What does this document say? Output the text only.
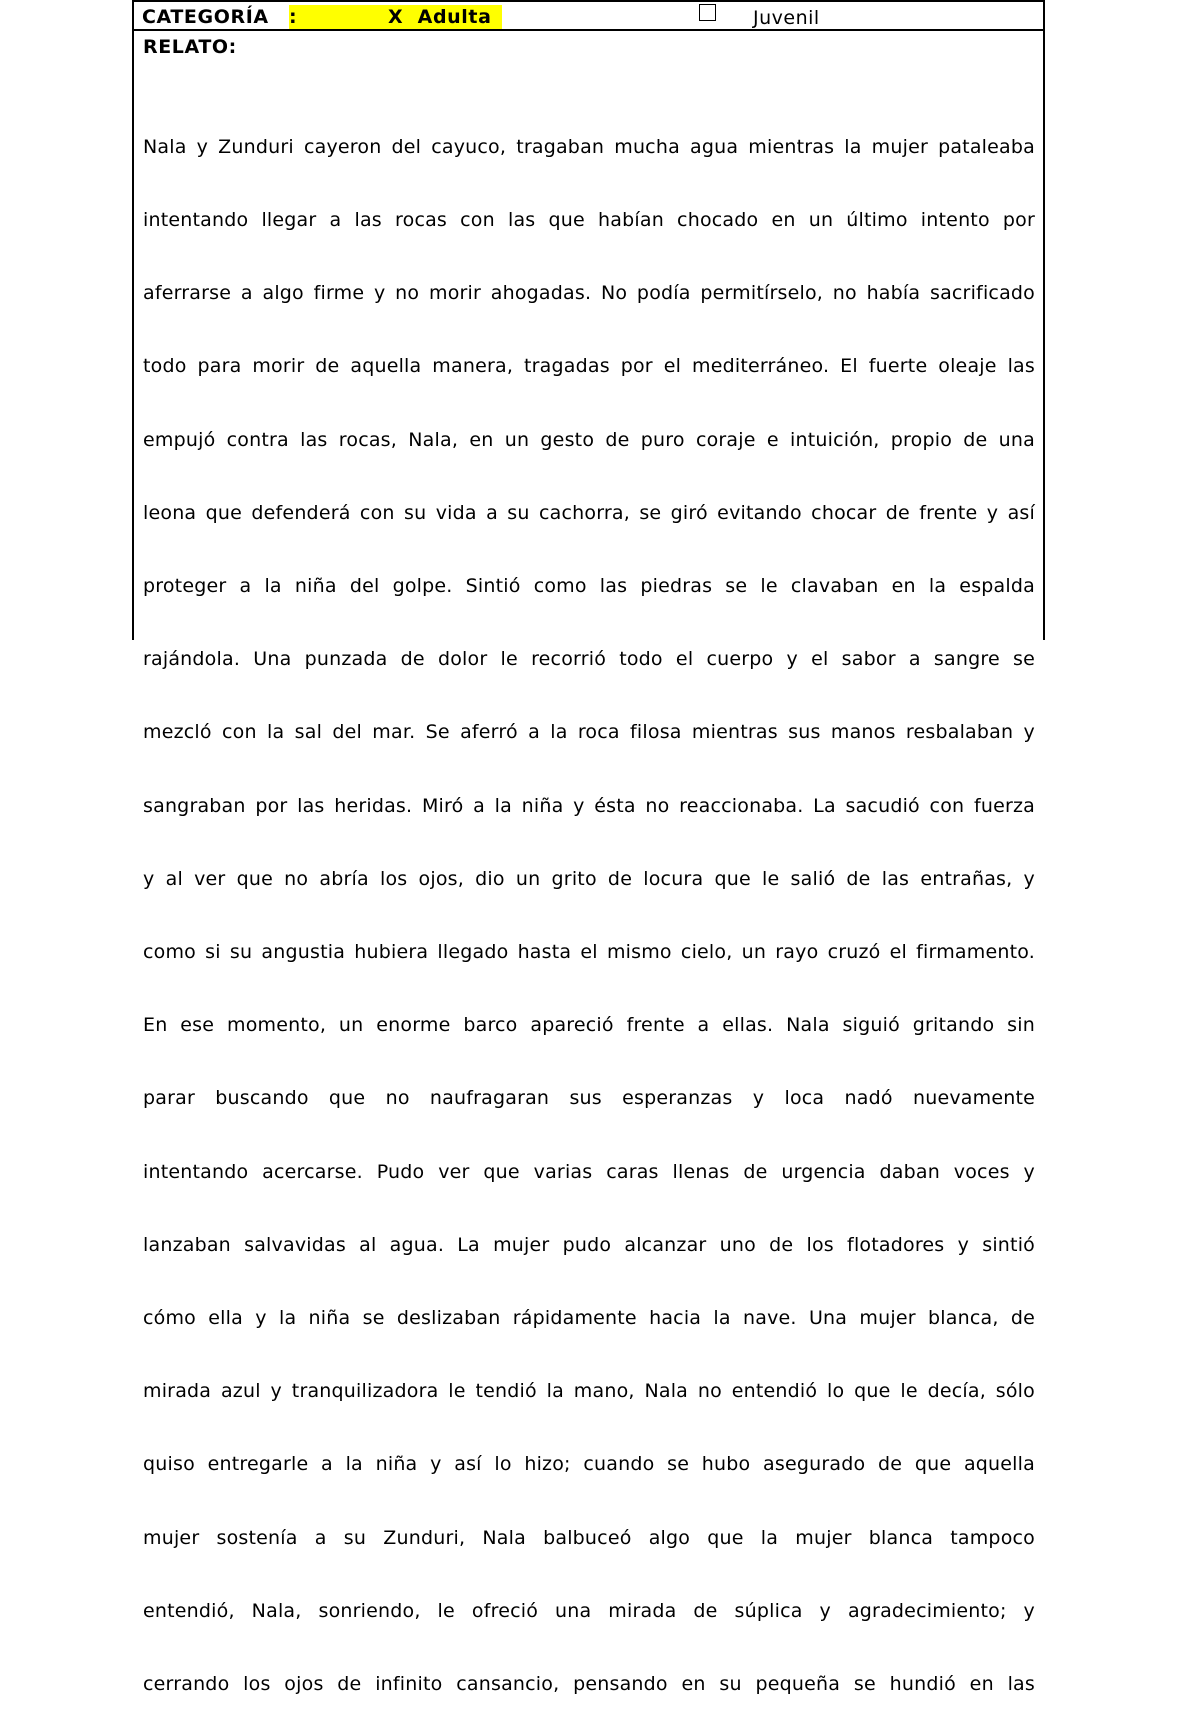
CATEGORÍA :	X  Adulta	Juvenil
RELATO:

Nala y Zunduri cayeron del cayuco, tragaban mucha agua mientras la mujer pataleaba

intentando llegar a las rocas con las que habían chocado en un último intento por

aferrarse a algo firme y no morir ahogadas. No podía permitírselo, no había sacrificado

todo para morir de aquella manera, tragadas por el mediterráneo. El fuerte oleaje las

empujó contra las rocas, Nala, en un gesto de puro coraje e intuición, propio de una

leona que defenderá con su vida a su cachorra, se giró evitando chocar de frente y así

proteger a la niña del golpe. Sintió como las piedras se le clavaban en la espalda

rajándola. Una punzada de dolor le recorrió todo el cuerpo y el sabor a sangre se

mezcló con la sal del mar. Se aferró a la roca filosa mientras sus manos resbalaban y

sangraban por las heridas. Miró a la niña y ésta no reaccionaba. La sacudió con fuerza

y al ver que no abría los ojos, dio un grito de locura que le salió de las entrañas, y

como si su angustia hubiera llegado hasta el mismo cielo, un rayo cruzó el firmamento.

En ese momento, un enorme barco apareció frente a ellas. Nala siguió gritando sin

parar buscando que no naufragaran sus esperanzas y loca nadó nuevamente

intentando acercarse. Pudo ver que varias caras llenas de urgencia daban voces y

lanzaban salvavidas al agua. La mujer pudo alcanzar uno de los flotadores y sintió

cómo ella y la niña se deslizaban rápidamente hacia la nave. Una mujer blanca, de

mirada azul y tranquilizadora le tendió la mano, Nala no entendió lo que le decía, sólo

quiso entregarle a la niña y así lo hizo; cuando se hubo asegurado de que aquella

mujer sostenía a su Zunduri, Nala balbuceó algo que la mujer blanca tampoco

entendió, Nala, sonriendo, le ofreció una mirada de súplica y agradecimiento; y

cerrando los ojos de infinito cansancio, pensando en su pequeña se hundió en las
